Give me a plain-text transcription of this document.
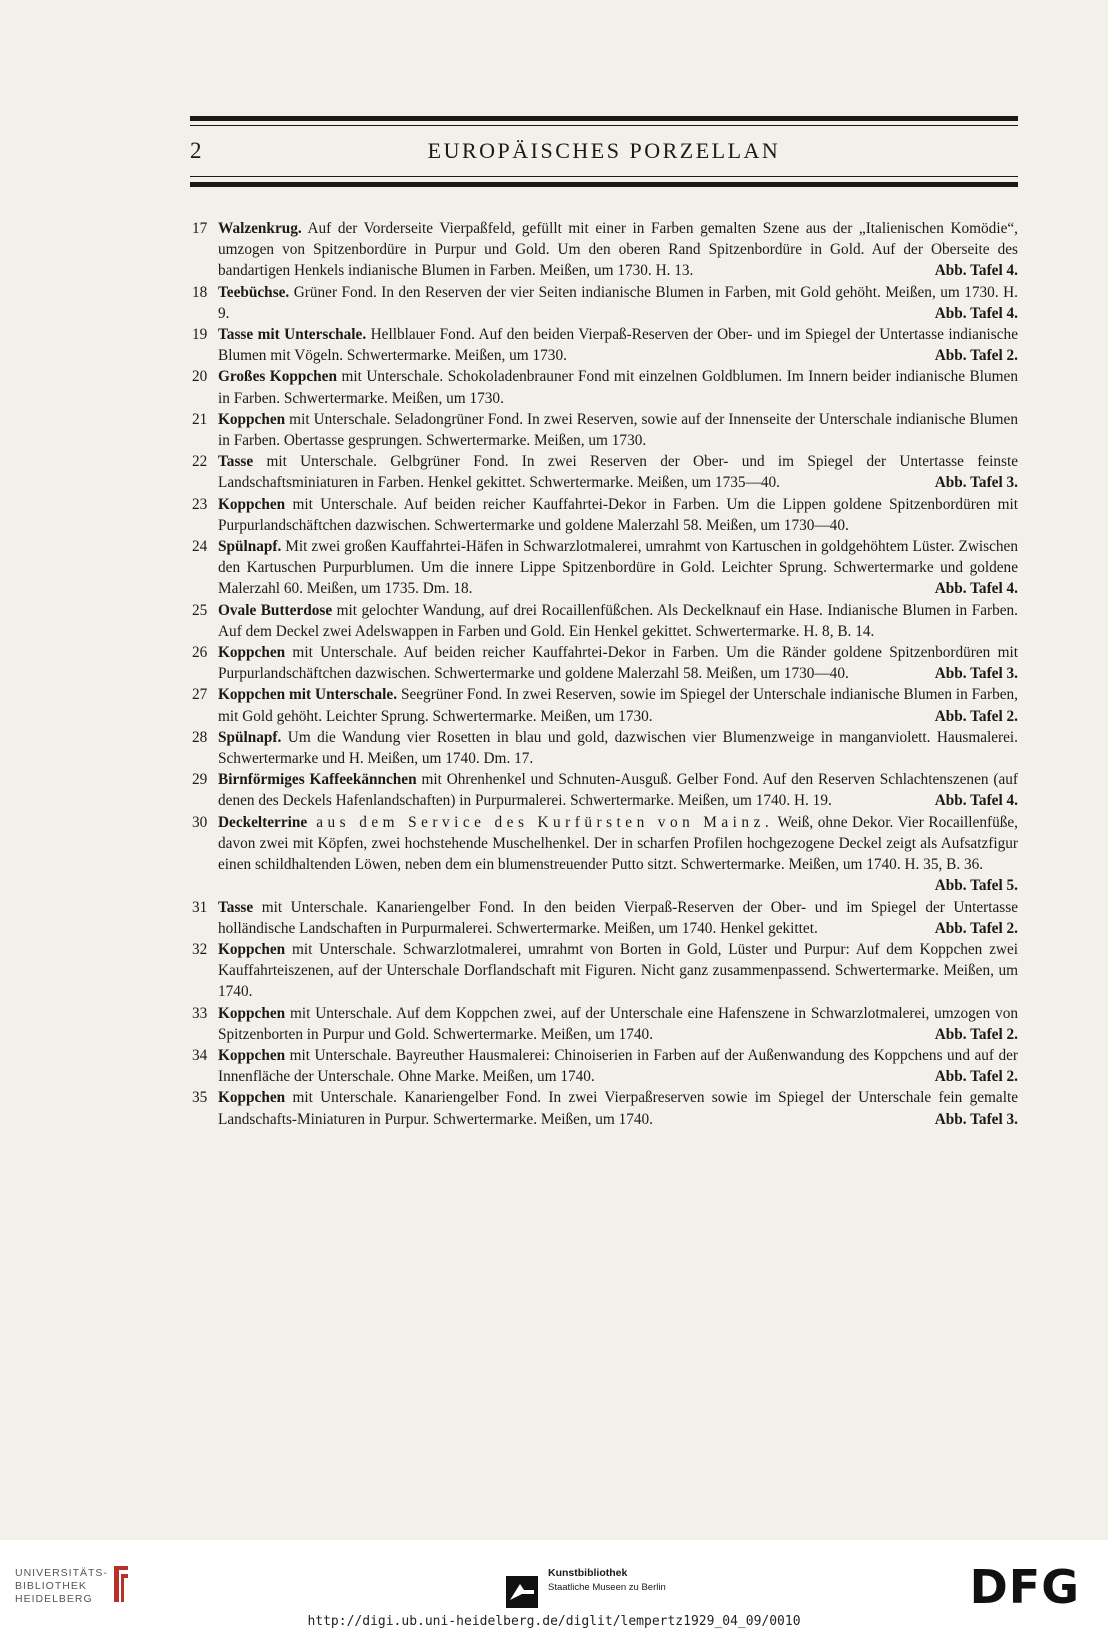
2	EUROPÄISCHES PORZELLAN
17 Walzenkrug. Auf der Vorderseite Vierpaßfeld, gefüllt mit einer in Farben gemalten Szene aus der „Italienischen Komödie“, umzogen von Spitzenbordüre in Purpur und Gold. Um den oberen Rand Spitzenbordüre in Gold. Auf der Oberseite des bandartigen Henkels indianische Blumen in Farben. Meißen, um 1730. H. 13.	Abb. Tafel 4.
18 Teebüchse. Grüner Fond. In den Reserven der vier Seiten indianische Blumen in Farben, mit Gold gehöht. Meißen, um 1730. H. 9.	Abb. Tafel 4.
19 Tasse mit Unterschale. Hellblauer Fond. Auf den beiden Vierpaß-Reserven der Ober- und im Spiegel der Untertasse indianische Blumen mit Vögeln. Schwertermarke. Meißen, um 1730.	Abb. Tafel 2.
20 Großes Koppchen mit Unterschale. Schokoladenbrauner Fond mit einzelnen Goldblumen. Im Innern beider indianische Blumen in Farben. Schwertermarke. Meißen, um 1730.
21 Koppchen mit Unterschale. Seladongrüner Fond. In zwei Reserven, sowie auf der Innenseite der Unterschale indianische Blumen in Farben. Obertasse gesprungen. Schwertermarke. Meißen, um 1730.
22 Tasse mit Unterschale. Gelbgrüner Fond. In zwei Reserven der Ober- und im Spiegel der Untertasse feinste Landschaftsminiaturen in Farben. Henkel gekittet. Schwertermarke. Meißen, um 1735—40.	Abb. Tafel 3.
23 Koppchen mit Unterschale. Auf beiden reicher Kauffahrtei-Dekor in Farben. Um die Lippen goldene Spitzenbordüren mit Purpurlandschäftchen dazwischen. Schwertermarke und goldene Malerzahl 58. Meißen, um 1730—40.
24 Spülnapf. Mit zwei großen Kauffahrtei-Häfen in Schwarzlotmalerei, umrahmt von Kartuschen in goldgehöhtem Lüster. Zwischen den Kartuschen Purpurblumen. Um die innere Lippe Spitzenbordüre in Gold. Leichter Sprung. Schwertermarke und goldene Malerzahl 60. Meißen, um 1735. Dm. 18.	Abb. Tafel 4.
25 Ovale Butterdose mit gelochter Wandung, auf drei Rocaillenfüßchen. Als Deckelknauf ein Hase. Indianische Blumen in Farben. Auf dem Deckel zwei Adelswappen in Farben und Gold. Ein Henkel gekittet. Schwertermarke. H. 8, B. 14.
26 Koppchen mit Unterschale. Auf beiden reicher Kauffahrtei-Dekor in Farben. Um die Ränder goldene Spitzenbordüren mit Purpurlandschäftchen dazwischen. Schwertermarke und goldene Malerzahl 58. Meißen, um 1730—40.	Abb. Tafel 3.
27 Koppchen mit Unterschale. Seegrüner Fond. In zwei Reserven, sowie im Spiegel der Unterschale indianische Blumen in Farben, mit Gold gehöht. Leichter Sprung. Schwertermarke. Meißen, um 1730.	Abb. Tafel 2.
28 Spülnapf. Um die Wandung vier Rosetten in blau und gold, dazwischen vier Blumenzweige in manganviolett. Hausmalerei. Schwertermarke und H. Meißen, um 1740. Dm. 17.
29 Birnförmiges Kaffeekännchen mit Ohrenhenkel und Schnuten-Ausguß. Gelber Fond. Auf den Reserven Schlachtenszenen (auf denen des Deckels Hafenlandschaften) in Purpurmalerei. Schwertermarke. Meißen, um 1740. H. 19.	Abb. Tafel 4.
30 Deckelterrine aus dem Service des Kurfürsten von Mainz. Weiß, ohne Dekor. Vier Rocaillenfüße, davon zwei mit Köpfen, zwei hochstehende Muschelhenkel. Der in scharfen Profilen hochgezogene Deckel zeigt als Aufsatzfigur einen schildhaltenden Löwen, neben dem ein blumenstreuender Putto sitzt. Schwertermarke. Meißen, um 1740. H. 35, B. 36.
Abb. Tafel 5.
31 Tasse mit Unterschale. Kanariengelber Fond. In den beiden Vierpaß-Reserven der Ober- und im Spiegel der Untertasse holländische Landschaften in Purpurmalerei. Schwertermarke. Meißen, um 1740. Henkel gekittet.	Abb. Tafel 2.
32 Koppchen mit Unterschale. Schwarzlotmalerei, umrahmt von Borten in Gold, Lüster und Purpur: Auf dem Koppchen zwei Kauffahrteiszenen, auf der Unterschale Dorflandschaft mit Figuren. Nicht ganz zusammenpassend. Schwertermarke. Meißen, um 1740.
33 Koppchen mit Unterschale. Auf dem Koppchen zwei, auf der Unterschale eine Hafenszene in Schwarzlotmalerei, umzogen von Spitzenborten in Purpur und Gold. Schwertermarke. Meißen, um 1740.	Abb. Tafel 2.
34 Koppchen mit Unterschale. Bayreuther Hausmalerei: Chinoiserien in Farben auf der Außenwandung des Koppchens und auf der Innenfläche der Unterschale. Ohne Marke. Meißen, um 1740.	Abb. Tafel 2.
35 Koppchen mit Unterschale. Kanariengelber Fond. In zwei Vierpaßreserven sowie im Spiegel der Unterschale fein gemalte Landschafts-Miniaturen in Purpur. Schwertermarke. Meißen, um 1740.	Abb. Tafel 3.
UNIVERSITÄTS-
BIBLIOTHEK
HEIDELBERG
Kunstbibliothek
Staatliche Museen zu Berlin	DFG
http://digi.ub.uni-heidelberg.de/diglit/lempertz1929_04_09/0010
